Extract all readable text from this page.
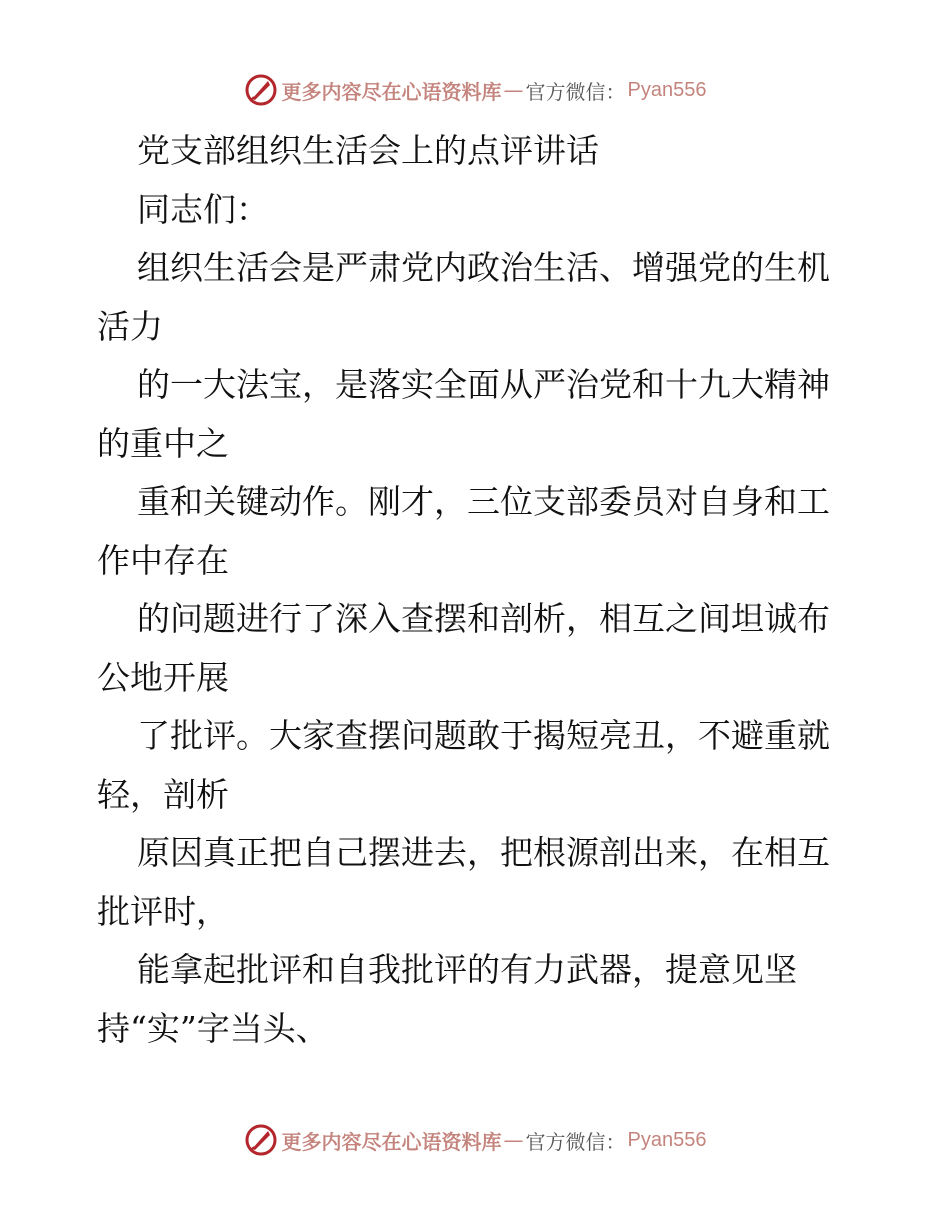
更多内容尽在心语资料库 — 官方微信： Pyan556
党支部组织生活会上的点评讲话
同志们：
组织生活会是严肃党内政治生活、增强党的生机
活力
的一大法宝，是落实全面从严治党和十九大精神
的重中之
重和关键动作。刚才，三位支部委员对自身和工
作中存在
的问题进行了深入查摆和剖析，相互之间坦诚布
公地开展
了批评。大家查摆问题敢于揭短亮丑，不避重就
轻，剖析
原因真正把自己摆进去，把根源剖出来，在相互
批评时，
能拿起批评和自我批评的有力武器，提意见坚
持“实”字当头、
更多内容尽在心语资料库 — 官方微信： Pyan556
